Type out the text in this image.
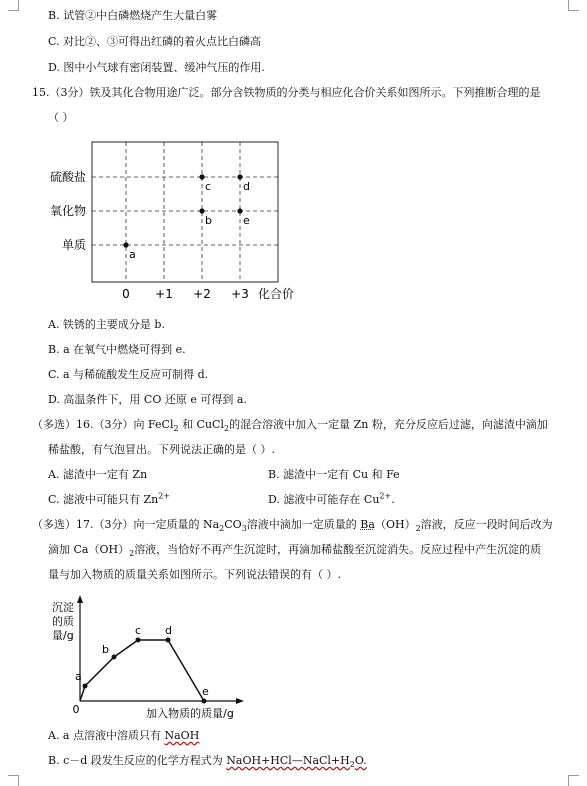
B. 试管②中白磷燃烧产生大量白雾
C. 对比②、③可得出红磷的着火点比白磷高
D. 图中小气球有密闭装置、缓冲气压的作用.
15.（3分）铁及其化合物用途广泛。部分含铁物质的分类与相应化合价关系如图所示。下列推断合理的是
（ ）
硫酸盐
氧化物
单质
0 +1 +2 +3 化合价
a
b
c	d
e
A. 铁锈的主要成分是 b.
B. a 在氧气中燃烧可得到 e.
C. a 与稀硫酸发生反应可制得 d.
D. 高温条件下，用 CO 还原 e 可得到 a.
（多选）16.（3分）向 FeCl$_2$ 和 CuCl$_2$的混合溶液中加入一定量 Zn 粉，充分反应后过滤，向滤渣中滴加
稀盐酸，有气泡冒出。下列说法正确的是（ ）.
A. 滤渣中一定有 Zn	B. 滤渣中一定有 Cu 和 Fe
C. 滤液中可能只有 $Zn^{2+}$	D. 滤液中可能存在 $Cu^{2+}$.
（多选）17.（3分）向一定质量的 $Na_2CO_3$溶液中滴加一定质量的 $Ba(OH)_2$溶液，反应一段时间后改为
滴加 $Ca(OH)_2$溶液，当恰好不再产生沉淀时，再滴加稀盐酸至沉淀消失。反应过程中产生沉淀的质
量与加入物质的质量关系如图所示。下列说法错误的有（ ）.
沉淀
的质
量/g
0
a
b
c d
e
加入物质的质量/g
A. a 点溶液中溶质只有 NaOH
B. c－d 段发生反应的化学方程式为 $NaOH+HCl—NaCl+H_2O$.
